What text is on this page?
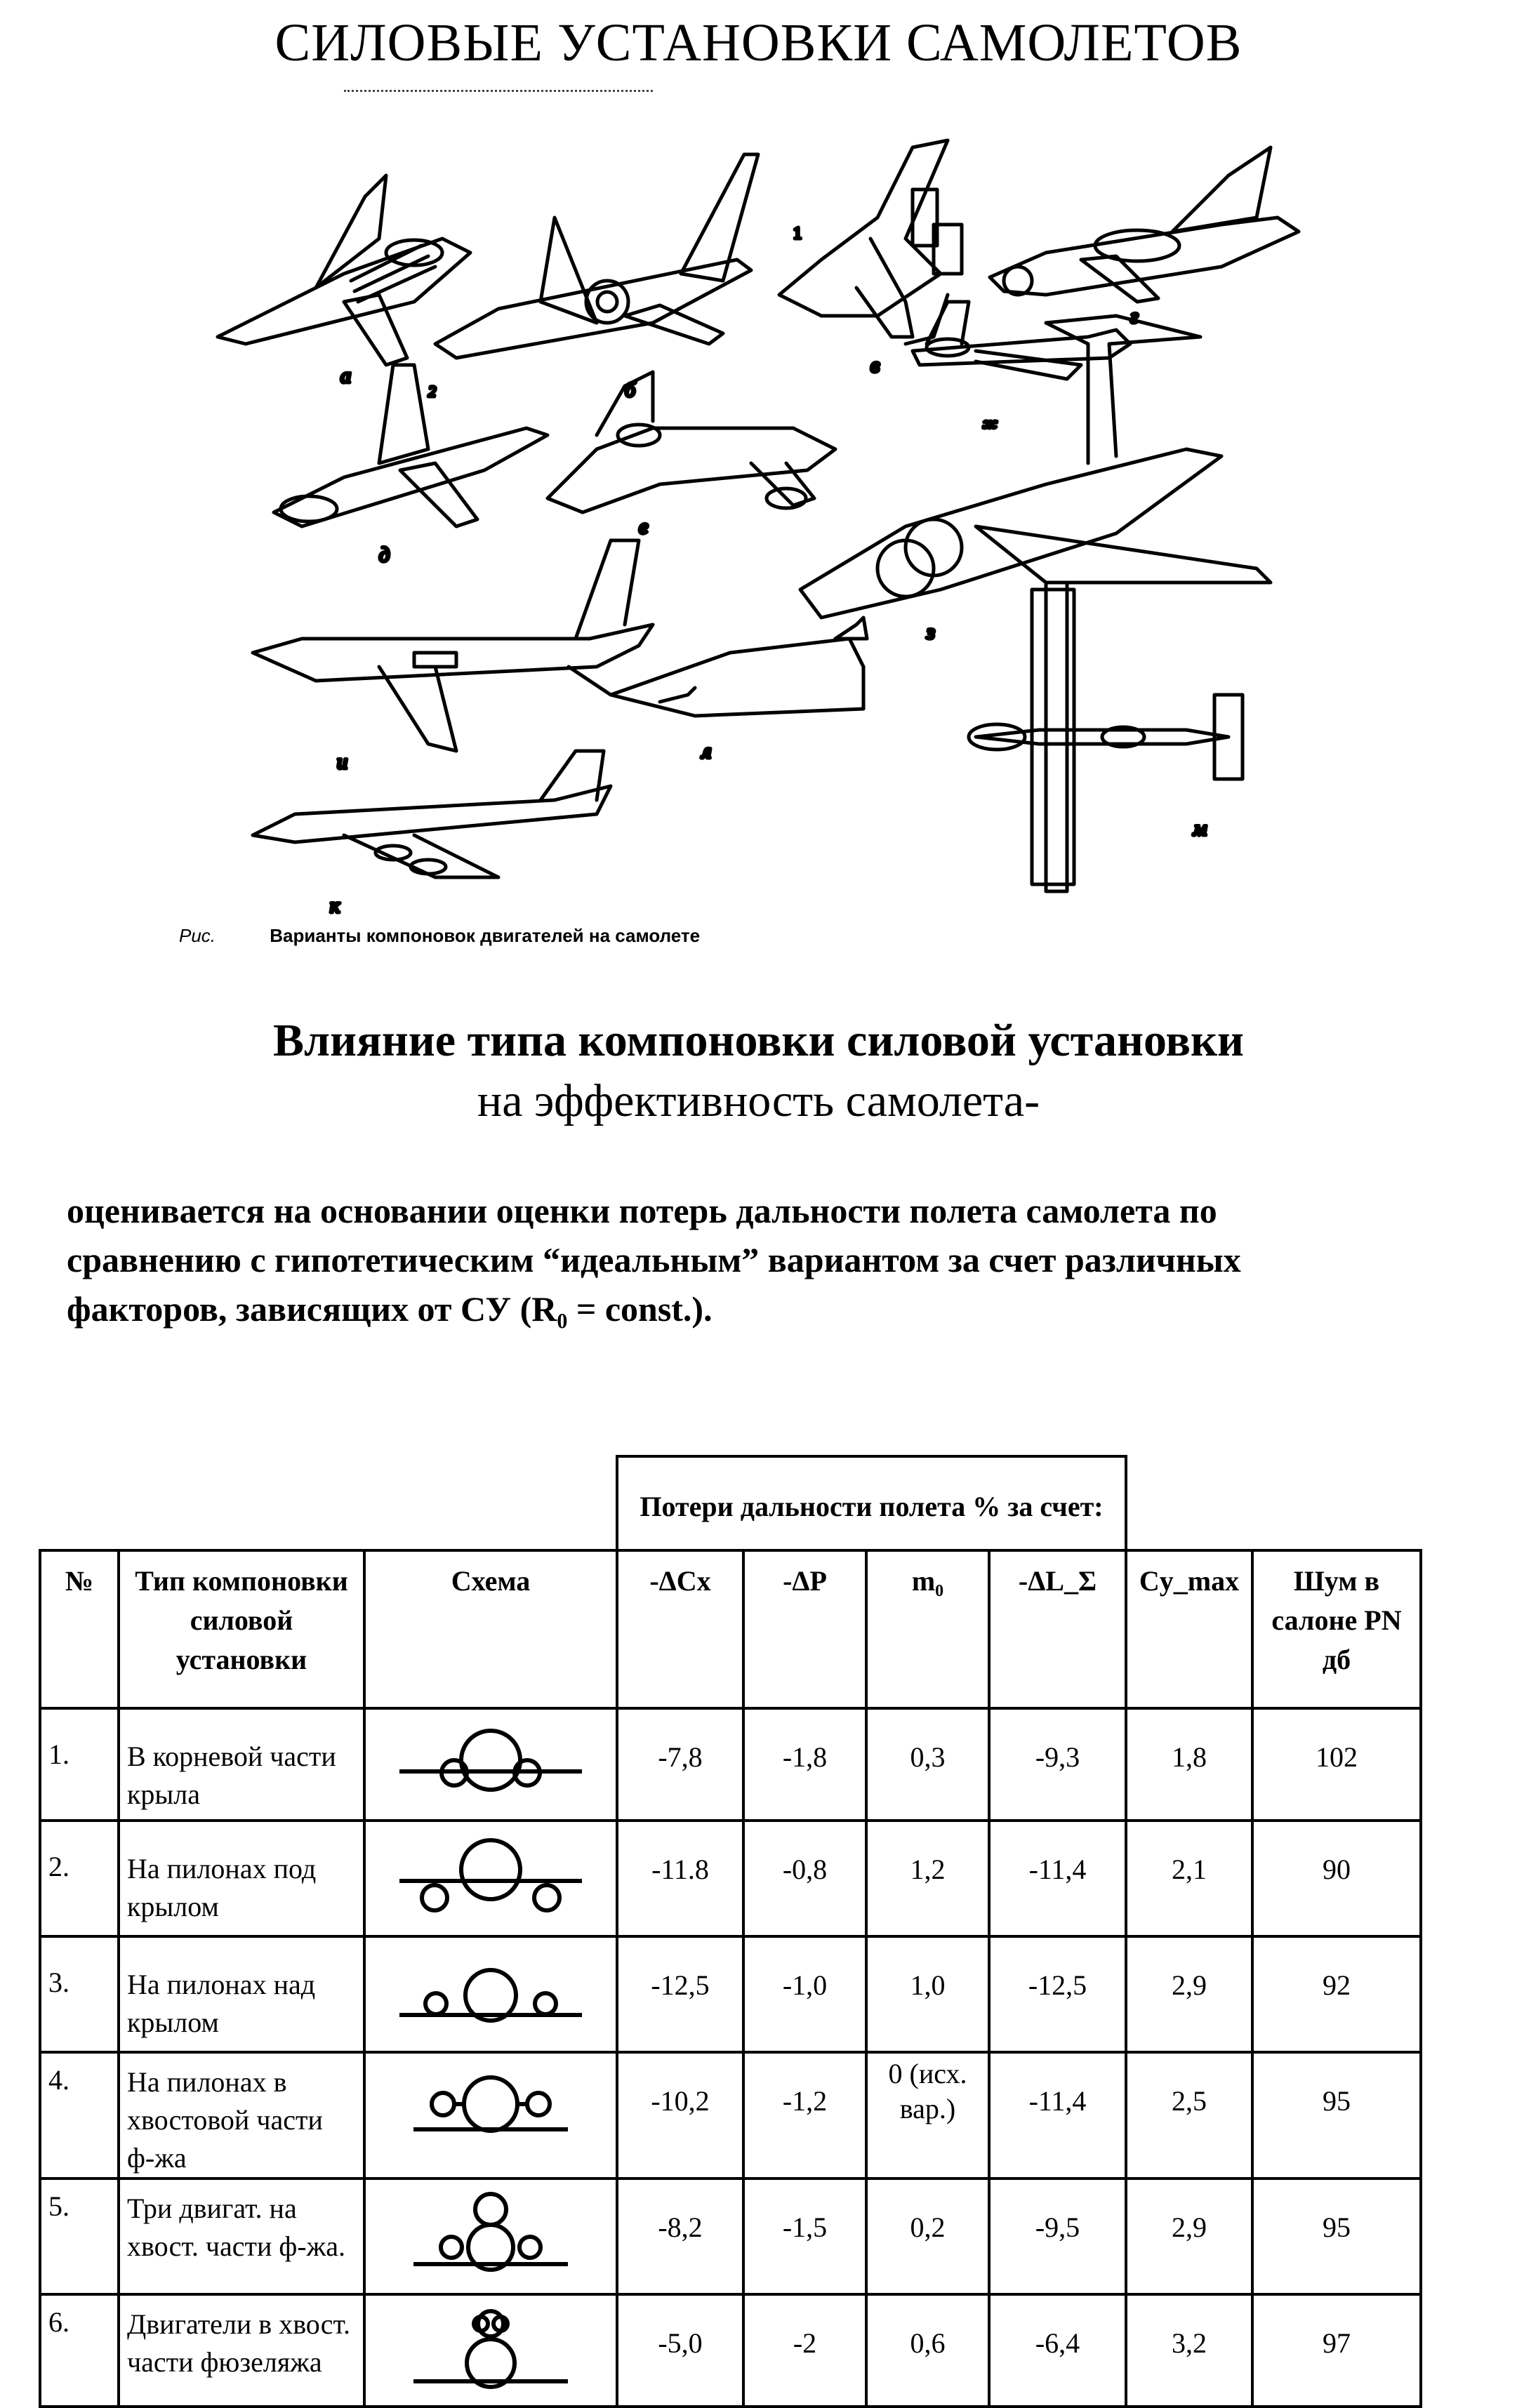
СИЛОВЫЕ УСТАНОВКИ САМОЛЕТОВ
а
2	б
1
в
г
д
е
ж
з
и	л
к
м
Рис.	Варианты компоновок двигателей на самолете
Влияние типа компоновки силовой установки
на эффективность самолета-
оценивается на основании оценки потерь дальности полета самолета по
сравнению с гипотетическим “идеальным” вариантом за счет различных
факторов, зависящих от СУ (R₀ = const.).
			Потери дальности полета % за счет:					
№	Тип компоновки силовой установки	Схема	-ΔCx	-ΔP	m₀	-ΔL_Σ	Cy_max	Шум в салоне PN дб
1.	В корневой части крыла		-7,8	-1,8	0,3	-9,3	1,8	102
2.	На пилонах под крылом		-11.8	-0,8	1,2	-11,4	2,1	90
3.	На пилонах над крылом		-12,5	-1,0	1,0	-12,5	2,9	92
4.	На пилонах в хвостовой части ф-жа		-10,2	-1,2	0 (исх. вар.)	-11,4	2,5	95
5.	Три двигат. на хвост. части ф-жа.		-8,2	-1,5	0,2	-9,5	2,9	95
6.	Двигатели в хвост. части фюзеляжа		-5,0	-2	0,6	-6,4	3,2	97
